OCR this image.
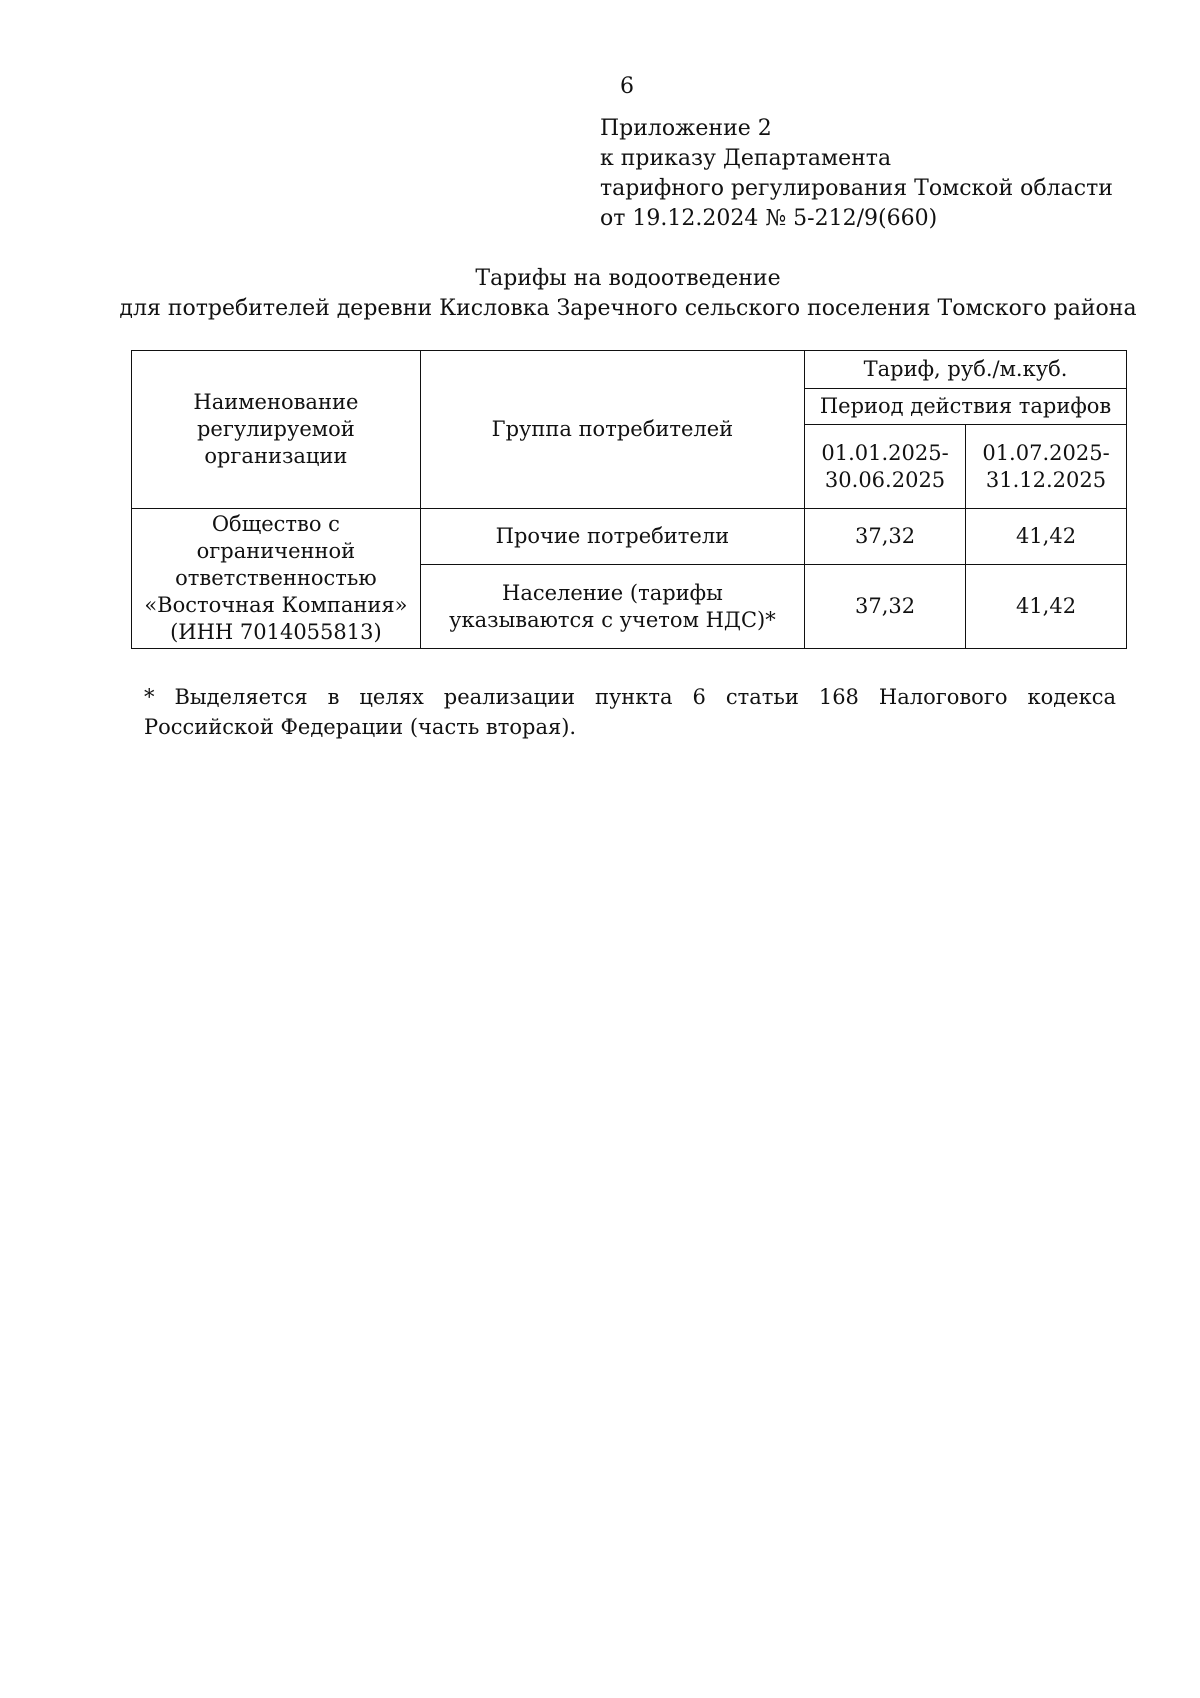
6
Приложение 2
к приказу Департамента
тарифного регулирования Томской области
от 19.12.2024 № 5-212/9(660)
Тарифы на водоотведение
для потребителей деревни Кисловка Заречного сельского поселения Томского района
Наименование регулируемой организации	Группа потребителей	Тариф, руб./м.куб.	
		Период действия тарифов	
		01.01.2025-30.06.2025	01.07.2025-31.12.2025
Общество с ограниченной ответственностью «Восточная Компания» (ИНН 7014055813)	Прочие потребители	37,32	41,42
	Население (тарифы указываются с учетом НДС)*	37,32	41,42
* Выделяется в целях реализации пункта 6 статьи 168 Налогового кодекса Российской Федерации (часть вторая).
